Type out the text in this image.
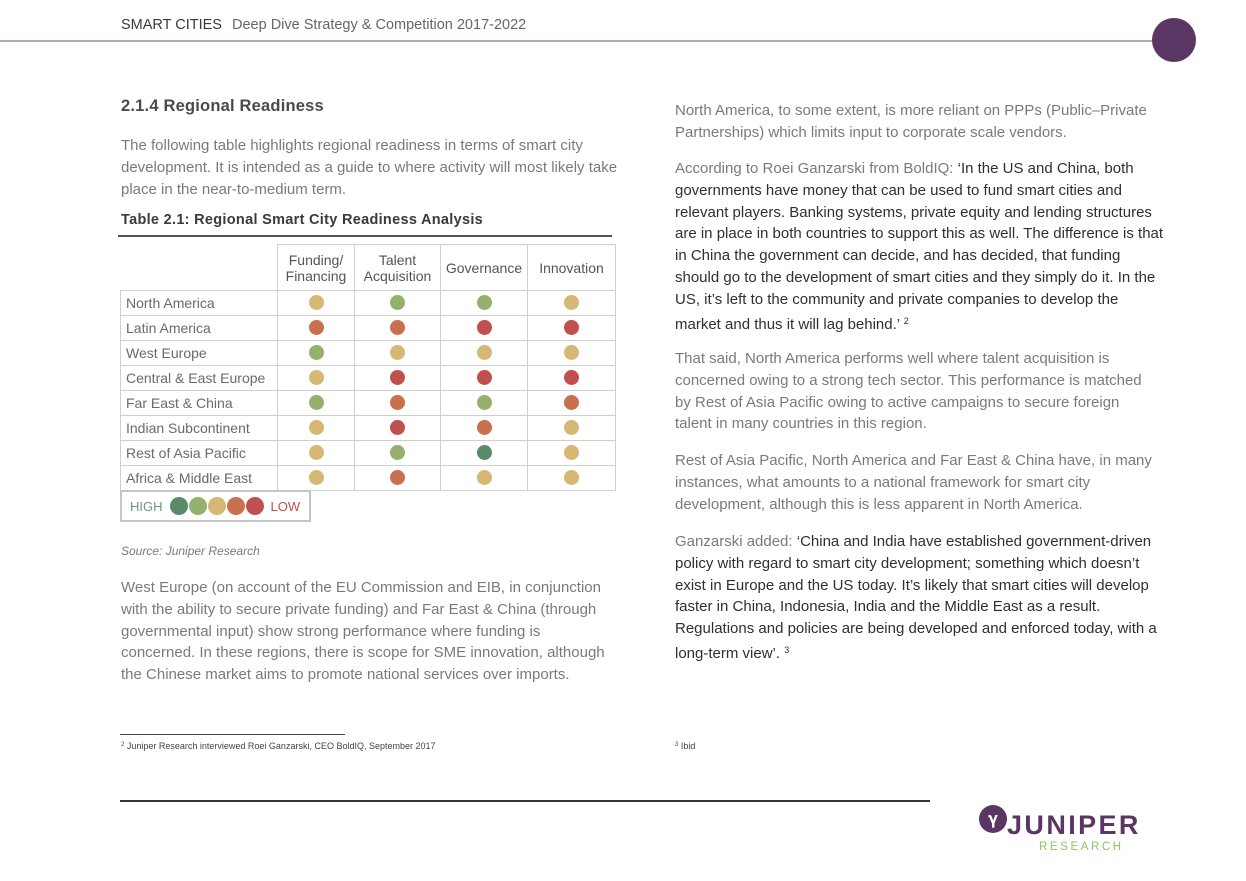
SMART CITIES Deep Dive Strategy & Competition 2017-2022
2.1.4 Regional Readiness
The following table highlights regional readiness in terms of smart city development. It is intended as a guide to where activity will most likely take place in the near-to-medium term.
Table 2.1: Regional Smart City Readiness Analysis
	Funding/
Financing	Talent
Acquisition	Governance	Innovation
North America				
Latin America				
West Europe				
Central & East Europe				
Far East & China				
Indian Subcontinent				
Rest of Asia Pacific				
Africa & Middle East				
HIGH	LOW
Source: Juniper Research
West Europe (on account of the EU Commission and EIB, in conjunction with the ability to secure private funding) and Far East & China (through governmental input) show strong performance where funding is concerned. In these regions, there is scope for SME innovation, although the Chinese market aims to promote national services over imports.
$^2$ Juniper Research interviewed Roei Ganzarski, CEO BoldIQ, September 2017
North America, to some extent, is more reliant on PPPs (Public–Private Partnerships) which limits input to corporate scale vendors.
According to Roei Ganzarski from BoldIQ: ‘In the US and China, both governments have money that can be used to fund smart cities and relevant players. Banking systems, private equity and lending structures are in place in both countries to support this as well. The difference is that in China the government can decide, and has decided, that funding should go to the development of smart cities and they simply do it. In the US, it’s left to the community and private companies to develop the market and thus it will lag behind.’ $^2$
That said, North America performs well where talent acquisition is concerned owing to a strong tech sector. This performance is matched by Rest of Asia Pacific owing to active campaigns to secure foreign talent in many countries in this region.
Rest of Asia Pacific, North America and Far East & China have, in many instances, what amounts to a national framework for smart city development, although this is less apparent in North America.
Ganzarski added: ‘China and India have established government-driven policy with regard to smart city development; something which doesn’t exist in Europe and the US today. It’s likely that smart cities will develop faster in China, Indonesia, India and the Middle East as a result. Regulations and policies are being developed and enforced today, with a long-term view’. $^3$
$^3$ Ibid
𝛄 JUNIPER
RESEARCH
